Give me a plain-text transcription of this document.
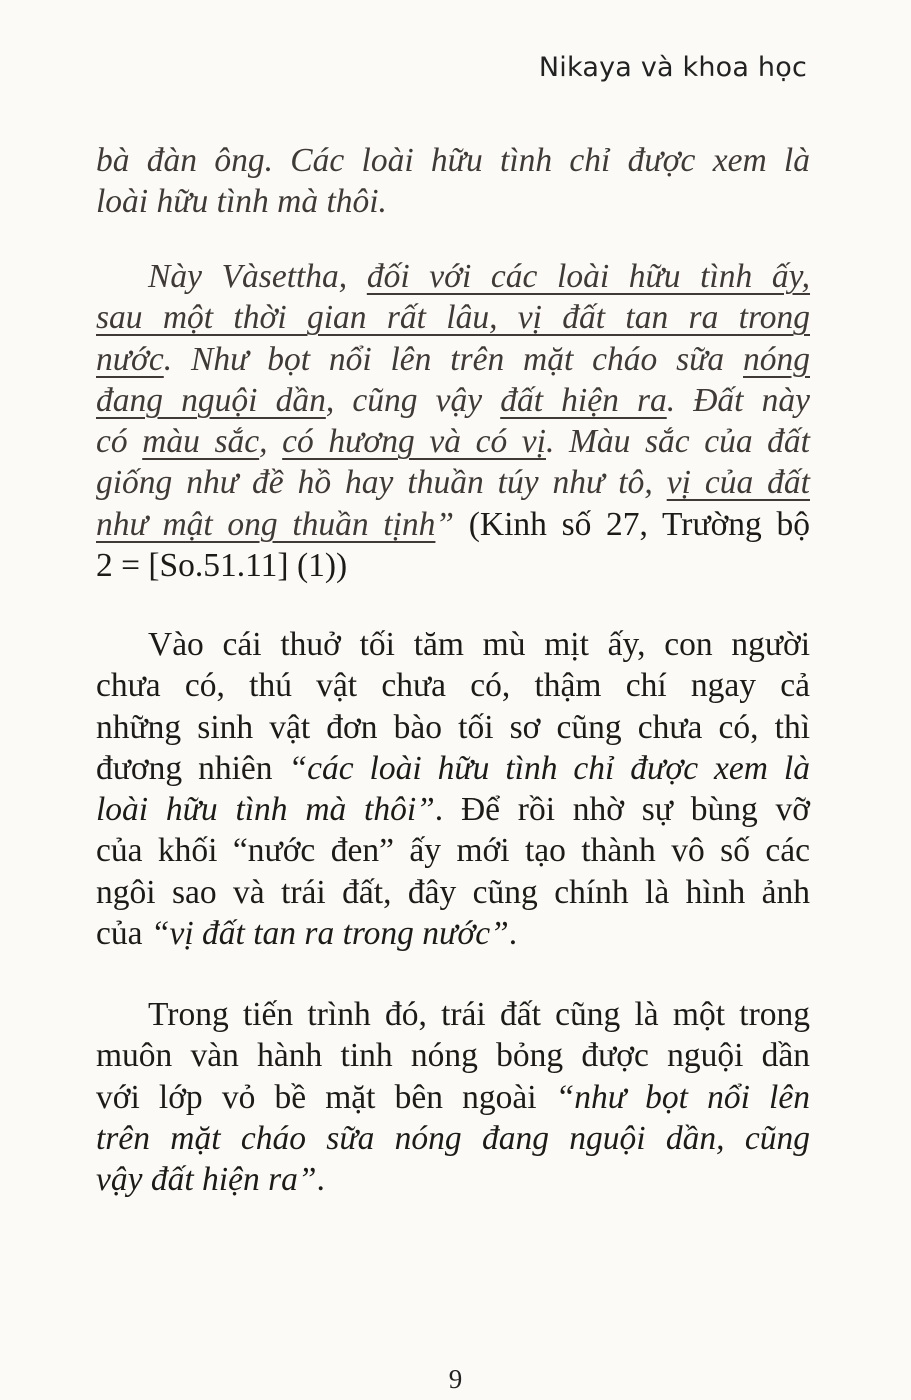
Nikaya và khoa học
bà đàn ông. Các loài hữu tình chỉ được xem là
loài hữu tình mà thôi.
Này Vàsettha, đối với các loài hữu tình ấy,
sau một thời gian rất lâu, vị đất tan ra trong
nước. Như bọt nổi lên trên mặt cháo sữa nóng
đang nguội dần, cũng vậy đất hiện ra. Đất này
có màu sắc, có hương và có vị. Màu sắc của đất
giống như đề hồ hay thuần túy như tô, vị của đất
như mật ong thuần tịnh” (Kinh số 27, Trường bộ
2 = [So.51.11] (1))
Vào cái thuở tối tăm mù mịt ấy, con người
chưa có, thú vật chưa có, thậm chí ngay cả
những sinh vật đơn bào tối sơ cũng chưa có, thì
đương nhiên “các loài hữu tình chỉ được xem là
loài hữu tình mà thôi”. Để rồi nhờ sự bùng vỡ
của khối “nước đen” ấy mới tạo thành vô số các
ngôi sao và trái đất, đây cũng chính là hình ảnh
của “vị đất tan ra trong nước”.
Trong tiến trình đó, trái đất cũng là một trong
muôn vàn hành tinh nóng bỏng được nguội dần
với lớp vỏ bề mặt bên ngoài “như bọt nổi lên
trên mặt cháo sữa nóng đang nguội dần, cũng
vậy đất hiện ra”.
9
